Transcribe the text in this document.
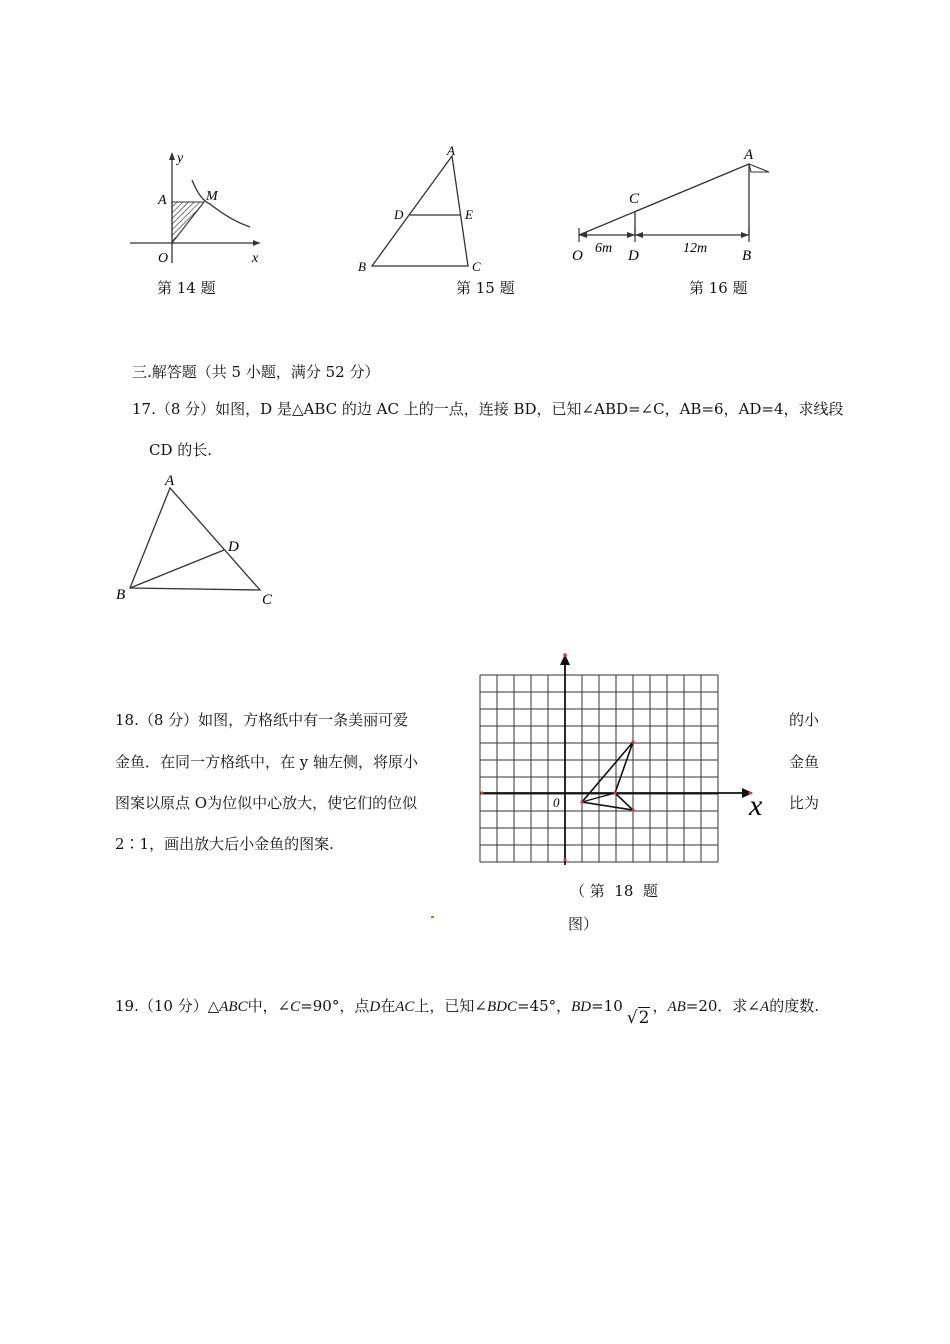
y
x
A	M
O
第 14 题
A
D	E
B	C
第 15 题
A
C
O	D	B
6m	12m
第 16 题
三.解答题（共 5 小题，满分 52 分）
17.（8 分）如图，D 是△ABC 的边 AC 上的一点，连接 BD，已知∠ABD=∠C，AB=6，AD=4，求线段
CD 的长.
A
D
B	C
18.（8 分）如图，方格纸中有一条美丽可爱
金鱼．在同一方格纸中，在 y 轴左侧，将原小
图案以原点 O为位似中心放大，使它们的位似
2∶1，画出放大后小金鱼的图案.
的小
金鱼
比为
0	x
（ 第  18  题
图）
19.（10 分）△ABC中，∠C=90°，点D在AC上，已知∠BDC=45°，BD=10√2，AB=20．求∠A的度数.
